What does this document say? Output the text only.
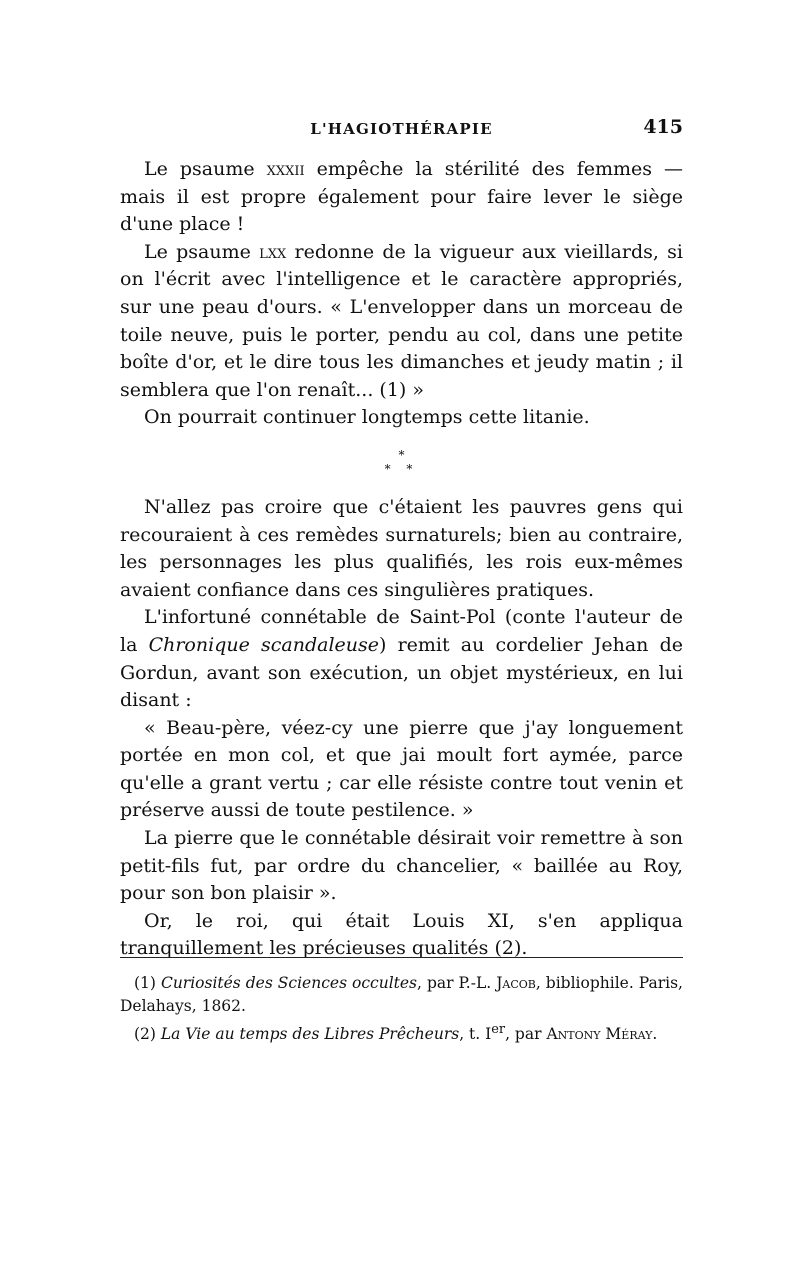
L'HAGIOTHÉRAPIE	415

Le psaume xxxii empêche la stérilité des femmes — mais il est propre également pour faire lever le siège d'une place !

Le psaume lxx redonne de la vigueur aux vieillards, si on l'écrit avec l'intelligence et le caractère appropriés, sur une peau d'ours. « L'envelopper dans un morceau de toile neuve, puis le porter, pendu au col, dans une petite boîte d'or, et le dire tous les dimanches et jeudy matin ; il semblera que l'on renaît... (1) »

On pourrait continuer longtemps cette litanie.

*
* *

N'allez pas croire que c'étaient les pauvres gens qui recouraient à ces remèdes surnaturels; bien au contraire, les personnages les plus qualifiés, les rois eux-mêmes avaient confiance dans ces singulières pratiques.

L'infortuné connétable de Saint-Pol (conte l'auteur de la Chronique scandaleuse) remit au cordelier Jehan de Gordun, avant son exécution, un objet mystérieux, en lui disant :

« Beau-père, véez-cy une pierre que j'ay longuement portée en mon col, et que jai moult fort aymée, parce qu'elle a grant vertu ; car elle résiste contre tout venin et préserve aussi de toute pestilence. »

La pierre que le connétable désirait voir remettre à son petit-fils fut, par ordre du chancelier, « baillée au Roy, pour son bon plaisir ».

Or, le roi, qui était Louis XI, s'en appliqua tranquillement les précieuses qualités (2).

(1) Curiosités des Sciences occultes, par P.-L. Jacob, bibliophile. Paris, Delahays, 1862.

(2) La Vie au temps des Libres Prêcheurs, t. Ier, par Antony Méray.
